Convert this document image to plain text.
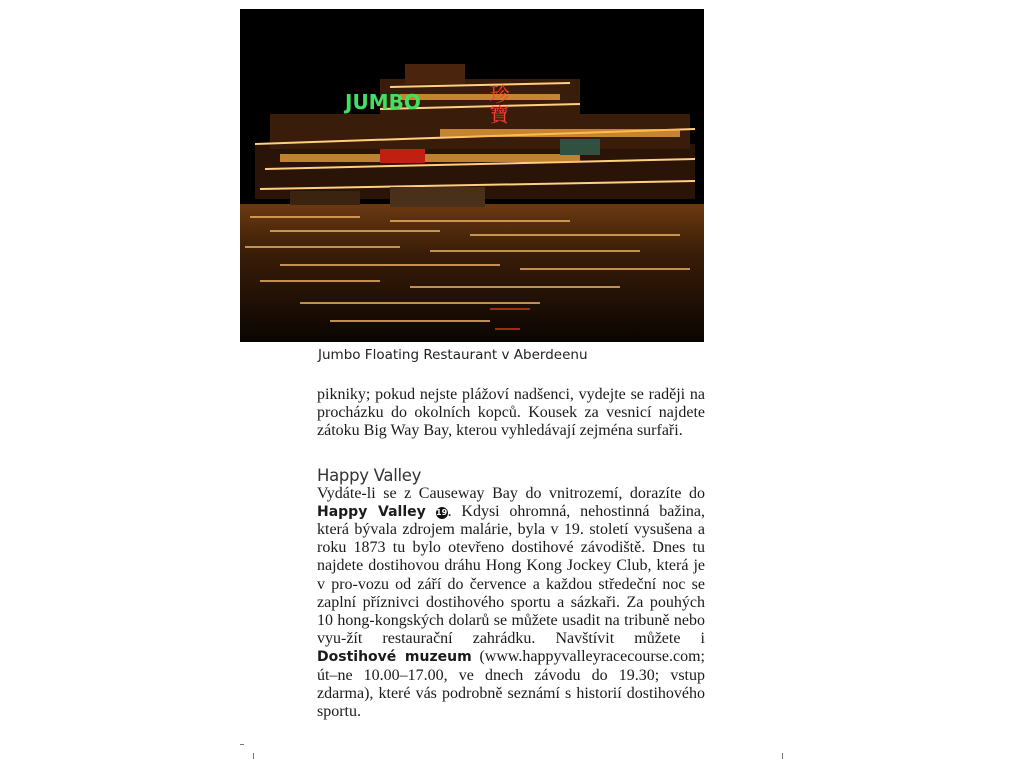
JUMBO	珍寶
Jumbo Floating Restaurant v Aberdeenu

pikniky; pokud nejste plážoví nadšenci, vydejte se raději na procházku do okolních kopců. Kousek za vesnicí najdete zátoku Big Way Bay, kterou vyhledávají zejména surfaři.

Happy Valley

Vydáte-li se z Causeway Bay do vnitrozemí, dorazíte do Happy Valley 19. Kdysi ohromná, nehostinná bažina, která bývala zdrojem malárie, byla v 19. století vysušena a roku 1873 tu bylo otevřeno dostihové závodiště. Dnes tu najdete dostihovou dráhu Hong Kong Jockey Club, která je v pro-vozu od září do července a každou středeční noc se zaplní příznivci dostihového sportu a sázkaři. Za pouhých 10 hong-kongských dolarů se můžete usadit na tribuně nebo vyu-žít restaurační zahrádku. Navštívit můžete i Dostihové muzeum (www.happyvalleyracecourse.com; út–ne 10.00–17.00, ve dnech závodu do 19.30; vstup zdarma), které vás podrobně seznámí s historií dostihového sportu.
